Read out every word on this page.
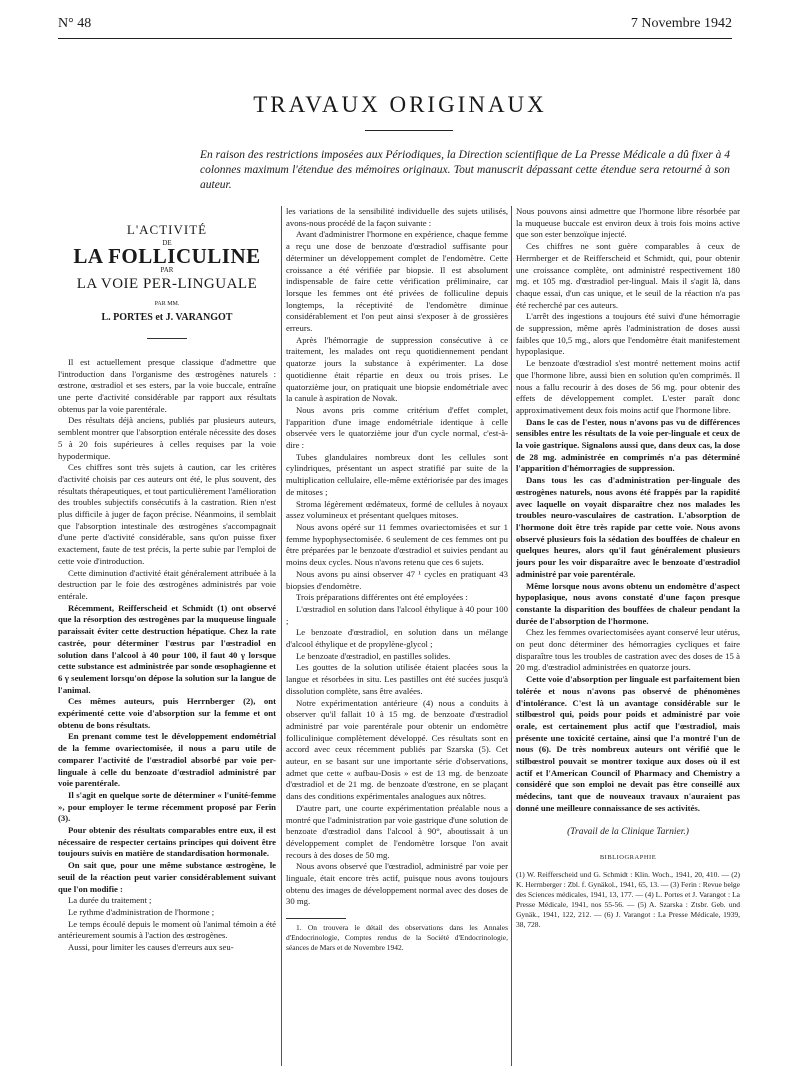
N° 48	7 Novembre 1942
TRAVAUX ORIGINAUX
En raison des restrictions imposées aux Périodiques, la Direction scientifique de La Presse Médicale a dû fixer à 4 colonnes maximum l'étendue des mémoires originaux. Tout manuscrit dépassant cette étendue sera retourné à son auteur.
L'ACTIVITÉ
DE
LA FOLLICULINE
PAR
LA VOIE PER-LINGUALE
PAR MM.
L. PORTES et J. VARANGOT

Il est actuellement presque classique d'admettre que l'introduction dans l'organisme des œstrogènes naturels : œstrone, œstradiol et ses esters, par la voie buccale, entraîne une perte d'activité considérable par rapport aux résultats obtenus par la voie parentérale.

Des résultats déjà anciens, publiés par plusieurs auteurs, semblent montrer que l'absorption entérale nécessite des doses 5 à 20 fois supérieures à celles requises par la voie hypodermique.

Ces chiffres sont très sujets à caution, car les critères d'activité choisis par ces auteurs ont été, le plus souvent, des résultats thérapeutiques, et tout particulièrement l'amélioration des troubles subjectifs consécutifs à la castration. Rien n'est plus difficile à juger de façon précise. Néanmoins, il semblait que l'absorption intestinale des œstrogènes s'accompagnait d'une perte d'activité considérable, sans qu'on puisse fixer exactement, faute de test précis, la perte subie par l'emploi de cette voie d'introduction.

Cette diminution d'activité était généralement attribuée à la destruction par le foie des œstrogènes administrés par voie entérale.

Récemment, Reifferscheid et Schmidt (1) ont observé que la résorption des œstrogènes par la muqueuse linguale paraissait éviter cette destruction hépatique. Chez la rate castrée, pour déterminer l'œstrus par l'œstradiol en solution dans l'alcool à 40 pour 100, il faut 40 γ lorsque cette substance est administrée par sonde œsophagienne et 6 γ seulement lorsqu'on dépose la solution sur la langue de l'animal.

Ces mêmes auteurs, puis Herrnberger (2), ont expérimenté cette voie d'absorption sur la femme et ont obtenu de bons résultats.

En prenant comme test le développement endométrial de la femme ovariectomisée, il nous a paru utile de comparer l'activité de l'œstradiol absorbé par voie per-linguale à celle du benzoate d'œstradiol administré par voie parentérale.

Il s'agit en quelque sorte de déterminer « l'unité-femme », pour employer le terme récemment proposé par Ferin (3).

Pour obtenir des résultats comparables entre eux, il est nécessaire de respecter certains principes qui doivent être toujours suivis en matière de standardisation hormonale.

On sait que, pour une même substance œstrogène, le seuil de la réaction peut varier considérablement suivant que l'on modifie :

La durée du traitement ;

Le rythme d'administration de l'hormone ;

Le temps écoulé depuis le moment où l'animal témoin a été antérieurement soumis à l'action des œstrogènes.

Aussi, pour limiter les causes d'erreurs aux seu-

les variations de la sensibilité individuelle des sujets utilisés, avons-nous procédé de la façon suivante :

Avant d'administrer l'hormone en expérience, chaque femme a reçu une dose de benzoate d'œstradiol suffisante pour déterminer un développement complet de l'endomètre. Cette croissance a été vérifiée par biopsie. Il est absolument indispensable de faire cette vérification préliminaire, car lorsque les femmes ont été privées de folliculine depuis longtemps, la réceptivité de l'endomètre diminue considérablement et l'on peut ainsi s'exposer à de grossières erreurs.

Après l'hémorragie de suppression consécutive à ce traitement, les malades ont reçu quotidiennement pendant quatorze jours la substance à expérimenter. La dose quotidienne était répartie en deux ou trois prises. Le quatorzième jour, on pratiquait une biopsie endométriale avec la canule à aspiration de Novak.

Nous avons pris comme critérium d'effet complet, l'apparition d'une image endométriale identique à celle observée vers le quatorzième jour d'un cycle normal, c'est-à-dire :

Tubes glandulaires nombreux dont les cellules sont cylindriques, présentant un aspect stratifié par suite de la multiplication cellulaire, elle-même extériorisée par des images de mitoses ;

Stroma légèrement œdémateux, formé de cellules à noyaux assez volumineux et présentant quelques mitoses.

Nous avons opéré sur 11 femmes ovariectomisées et sur 1 femme hypophysectomisée. 6 seulement de ces femmes ont pu être préparées par le benzoate d'œstradiol et suivies pendant au moins deux cycles. Nous n'avons retenu que ces 6 sujets.

Nous avons pu ainsi observer 47 ¹ cycles en pratiquant 43 biopsies d'endomètre.

Trois préparations différentes ont été employées :

L'œstradiol en solution dans l'alcool éthylique à 40 pour 100 ;

Le benzoate d'œstradiol, en solution dans un mélange d'alcool éthylique et de propylène-glycol ;

Le benzoate d'œstradiol, en pastilles solides.

Les gouttes de la solution utilisée étaient placées sous la langue et résorbées in situ. Les pastilles ont été sucées jusqu'à dissolution complète, sans être avalées.

Notre expérimentation antérieure (4) nous a conduits à observer qu'il fallait 10 à 15 mg. de benzoate d'œstradiol administré par voie parentérale pour obtenir un endomètre folliculinique complètement développé. Ces résultats sont en accord avec ceux récemment publiés par Szarska (5). Cet auteur, en se basant sur une importante série d'observations, admet que cette « aufbau-Dosis » est de 13 mg. de benzoate d'œstradiol et de 21 mg. de benzoate d'œstrone, en se plaçant dans des conditions expérimentales analogues aux nôtres.

D'autre part, une courte expérimentation préalable nous a montré que l'administration par voie gastrique d'une solution de benzoate d'œstradiol dans l'alcool à 90°, aboutissait à un développement complet de l'endomètre lorsque l'on avait recours à des doses de 50 mg.

Nous avons observé que l'œstradiol, administré par voie per linguale, était encore très actif, puisque nous avons toujours obtenu des images de développement normal avec des doses de 30 mg.

1. On trouvera le détail des observations dans les Annales d'Endocrinologie, Comptes rendus de la Société d'Endocrinologie, séances de Mars et de Novembre 1942.

Nous pouvons ainsi admettre que l'hormone libre résorbée par la muqueuse buccale est environ deux à trois fois moins active que son ester benzoïque injecté.

Ces chiffres ne sont guère comparables à ceux de Herrnberger et de Reifferscheid et Schmidt, qui, pour obtenir une croissance complète, ont administré respectivement 180 mg. et 105 mg. d'œstradiol per-lingual. Mais il s'agit là, dans chaque essai, d'un cas unique, et le seuil de la réaction n'a pas été recherché par ces auteurs.

L'arrêt des ingestions a toujours été suivi d'une hémorragie de suppression, même après l'administration de doses aussi faibles que 10,5 mg., alors que l'endomètre était manifestement hypoplasique.

Le benzoate d'œstradiol s'est montré nettement moins actif que l'hormone libre, aussi bien en solution qu'en comprimés. Il nous a fallu recourir à des doses de 56 mg. pour obtenir des effets de développement complet. L'ester paraît donc approximativement deux fois moins actif que l'hormone libre.

Dans le cas de l'ester, nous n'avons pas vu de différences sensibles entre les résultats de la voie per-linguale et ceux de la voie gastrique. Signalons aussi que, dans deux cas, la dose de 28 mg. administrée en comprimés n'a pas déterminé l'apparition d'hémorragies de suppression.

Dans tous les cas d'administration per-linguale des œstrogènes naturels, nous avons été frappés par la rapidité avec laquelle on voyait disparaître chez nos malades les troubles neuro-vasculaires de castration. L'absorption de l'hormone doit être très rapide par cette voie. Nous avons observé plusieurs fois la sédation des bouffées de chaleur en quelques heures, alors qu'il faut généralement plusieurs jours pour les voir disparaître avec le benzoate d'œstradiol administré par voie parentérale.

Même lorsque nous avons obtenu un endomètre d'aspect hypoplasique, nous avons constaté d'une façon presque constante la disparition des bouffées de chaleur pendant la durée de l'absorption de l'hormone.

Chez les femmes ovariectomisées ayant conservé leur utérus, on peut donc déterminer des hémorragies cycliques et faire disparaître tous les troubles de castration avec des doses de 15 à 20 mg. d'œstradiol administrées en quatorze jours.

Cette voie d'absorption per linguale est parfaitement bien tolérée et nous n'avons pas observé de phénomènes d'intolérance. C'est là un avantage considérable sur le stilbœstrol qui, poids pour poids et administré par voie orale, est certainement plus actif que l'œstradiol, mais présente une toxicité certaine, ainsi que l'a montré l'un de nous (6). De très nombreux auteurs ont vérifié que le stilbœstrol pouvait se montrer toxique aux doses où il est actif et l'American Council of Pharmacy and Chemistry a considéré que son emploi ne devait pas être conseillé aux médecins, tant que de nouveaux travaux n'auraient pas donné une meilleure connaissance de ses activités.

(Travail de la Clinique Tarnier.)
BIBLIOGRAPHIE

(1) W. Reifferscheid und G. Schmidt : Klin. Woch., 1941, 20, 410. — (2) K. Herrnberger : Zbl. f. Gynäkol., 1941, 65, 13. — (3) Ferin : Revue belge des Sciences médicales, 1941, 13, 177. — (4) L. Portes et J. Varangot : La Presse Médicale, 1941, nos 55-56. — (5) A. Szarska : Ztsbr. Geb. und Gynäk., 1941, 122, 212. — (6) J. Varangot : La Presse Médicale, 1939, 38, 728.
